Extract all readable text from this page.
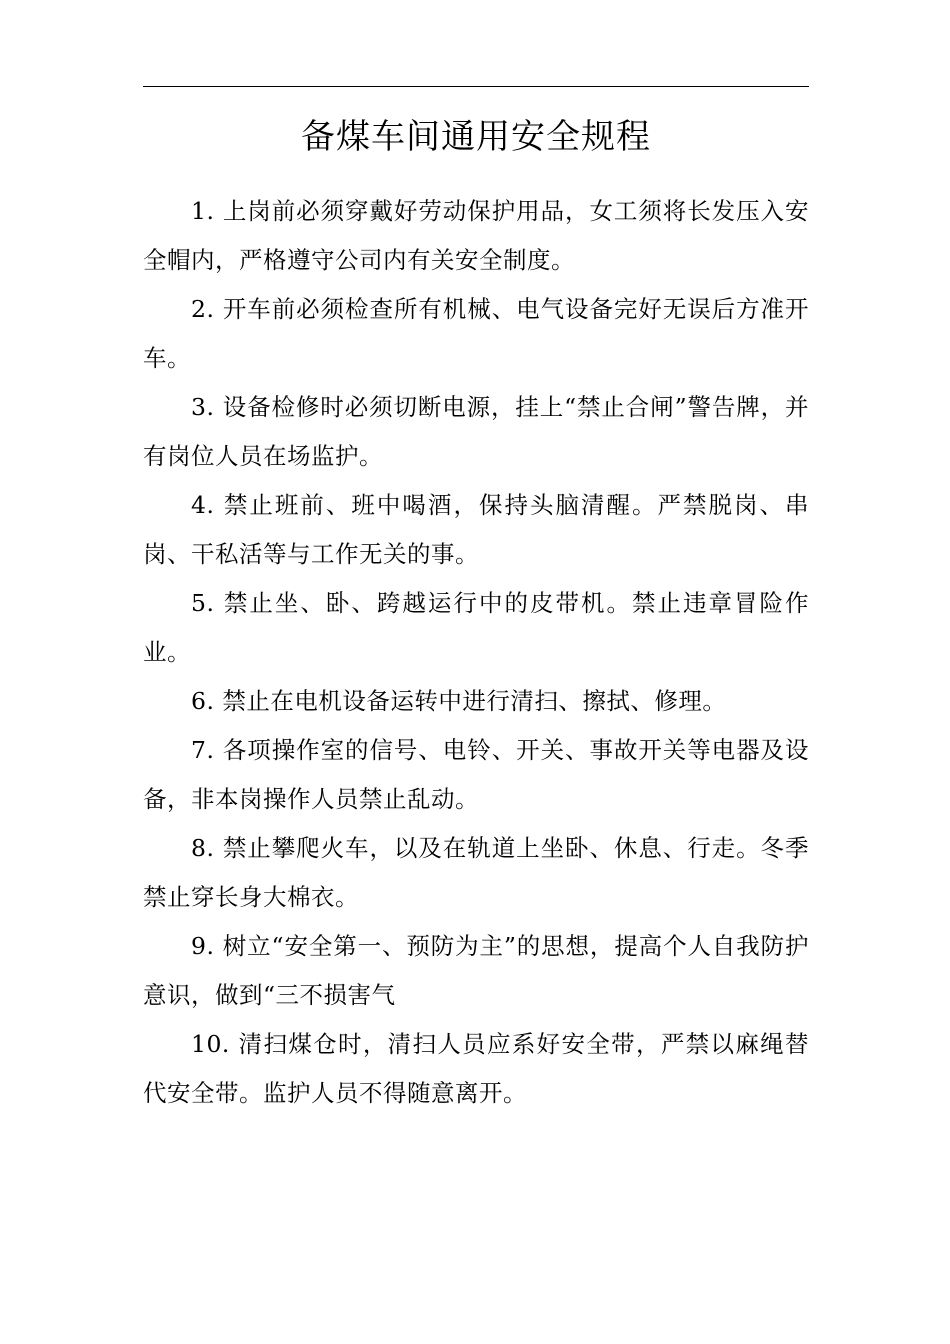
备煤车间通用安全规程
1. 上岗前必须穿戴好劳动保护用品，女工须将长发压入安全帽内，严格遵守公司内有关安全制度。
2. 开车前必须检查所有机械、电气设备完好无误后方准开车。
3. 设备检修时必须切断电源，挂上“禁止合闸”警告牌，并有岗位人员在场监护。
4. 禁止班前、班中喝酒，保持头脑清醒。严禁脱岗、串岗、干私活等与工作无关的事。
5. 禁止坐、卧、跨越运行中的皮带机。禁止违章冒险作业。
6. 禁止在电机设备运转中进行清扫、擦拭、修理。
7. 各项操作室的信号、电铃、开关、事故开关等电器及设备，非本岗操作人员禁止乱动。
8. 禁止攀爬火车，以及在轨道上坐卧、休息、行走。冬季禁止穿长身大棉衣。
9. 树立“安全第一、预防为主”的思想，提高个人自我防护意识，做到“三不损害气
10. 清扫煤仓时，清扫人员应系好安全带，严禁以麻绳替代安全带。监护人员不得随意离开。
